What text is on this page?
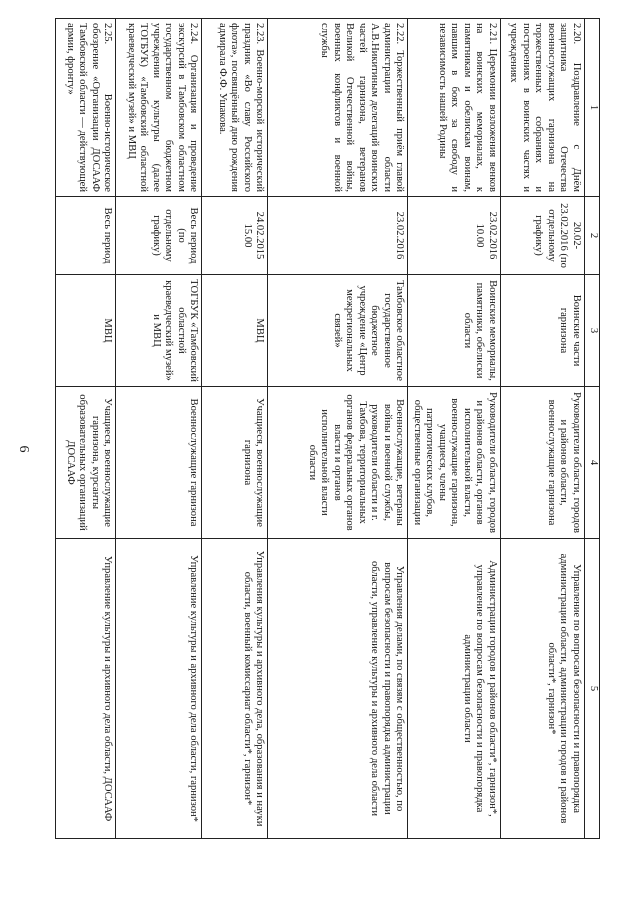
6
1	2	3	4	5
2.20. Поздравление с Днём защитника Отечества военнослужащих гарнизона на торжественных собраниях и построениях в воинских частях и учреждениях	20.02-23.02.2016 (по отдельному графику)	Воинские части гарнизона	Руководители области, городов и районов области, военнослужащие гарнизона	Управление по вопросам безопасности и правопорядка администрации области, администрации городов и районов области*, гарнизон*
2.21. Церемонии возложения венков на воинских мемориалах, к памятникам и обелискам воинам, павшим в боях за свободу и независимость нашей Родины	23.02.2016 10.00	Воинские мемориалы, памятники, обелиски области	Руководители области, городов и районов области, органов исполнительной власти, военнослужащие гарнизона, учащиеся, члены патриотических клубов, общественные организации	Администрации городов и районов области*, гарнизон*, управление по вопросам безопасности и правопорядка администрации области
2.22. Торжественный приём главой администрации области А.В.Никитиным делегаций воинских частей гарнизона, ветеранов Великой Отечественной войны, военных конфликтов и военной службы	23.02.2016	Тамбовское областное государственное бюджетное учреждение «Центр межрегиональных связей»	Военнослужащие, ветераны войны и военной службы, руководители области и г. Тамбова, территориальных органов федеральных органов власти и органов исполнительной власти области	Управления делами, по связям с общественностью, по вопросам безопасности и правопорядка администрации области, управление культуры и архивного дела области
2.23. Военно-морской исторический праздник «Во славу Российского флота», посвящённый дню рождения адмирала Ф.Ф. Ушакова.	24.02.2015 15.00	МВЦ	Учащиеся, военнослужащие гарнизона	Управления культуры и архивного дела, образования и науки области, военный комиссариат области*, гарнизон*
2.24. Организация и проведение экскурсий в Тамбовском областном государственном бюджетном учреждении культуры (далее ТОГБУК) «Тамбовский областной краеведческий музей» и МВЦ	Весь период (по отдельному графику)	ТОГБУК «Тамбовский областной краеведческий музей» и МВЦ	Военнослужащие гарнизона	Управление культуры и архивного дела области, гарнизон*
2.25. Военно-историческое обозрение «Организации ДОСААФ Тамбовской области — действующей армии, фронту»	Весь период	МВЦ	Учащиеся, военнослужащие гарнизона, курсанты образовательных организаций ДОСААФ	Управление культуры и архивного дела области, ДОСААФ
